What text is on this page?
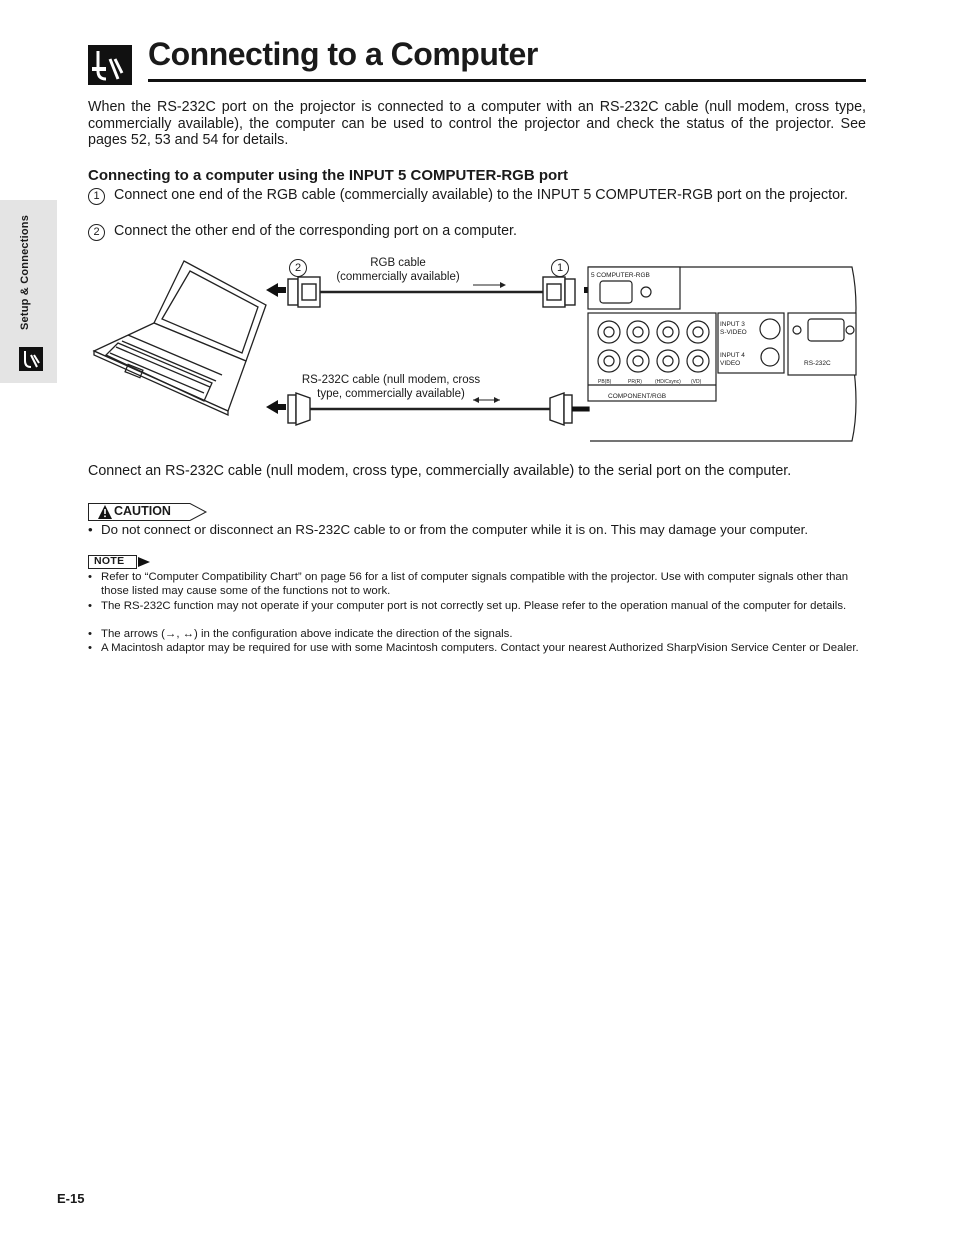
Setup & Connections
Connecting to a Computer
When the RS-232C port on the projector is connected to a computer with an RS-232C cable (null modem, cross type, commercially available), the computer can be used to control the projector and check the status of the projector. See pages 52, 53 and 54 for details.
Connecting to a computer using the INPUT 5 COMPUTER-RGB port
1	Connect one end of the RGB cable (commercially available) to the INPUT 5 COMPUTER-RGB port on the projector.
2	Connect the other end of the corresponding port on a computer.
RGB cable
(commercially available)
RS-232C cable (null modem, cross
type, commercially available)
2	1
5 COMPUTER-RGB
INPUT 3
S-VIDEO
INPUT 4
VIDEO	RS-232C
COMPONENT/RGB
PB(B)	PR(R)	(HD/Csync) (VD)
Connect an RS-232C cable (null modem, cross type, commercially available) to the serial port on the computer.
CAUTION
• Do not connect or disconnect an RS-232C cable to or from the computer while it is on. This may damage your computer.
NOTE
• Refer to “Computer Compatibility Chart” on page 56 for a list of computer signals compatible with the projector. Use with computer signals other than those listed may cause some of the functions not to work.
• The RS-232C function may not operate if your computer port is not correctly set up. Please refer to the operation manual of the computer for details.
• The arrows (→, ↔) in the configuration above indicate the direction of the signals.
• A Macintosh adaptor may be required for use with some Macintosh computers. Contact your nearest Authorized SharpVision Service Center or Dealer.
E-15
